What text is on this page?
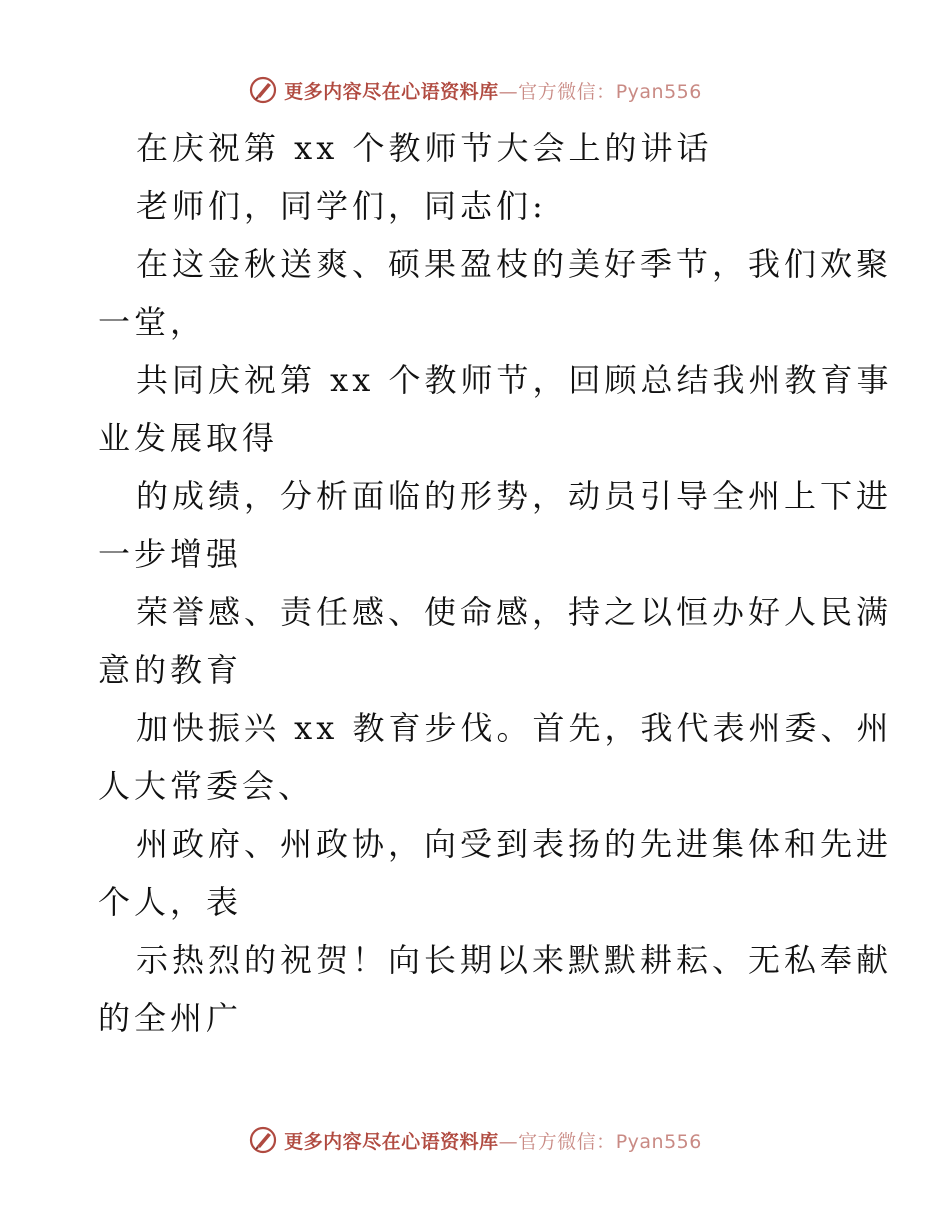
更多内容尽在心语资料库—官方微信：Pyan556
在庆祝第 xx 个教师节大会上的讲话
老师们，同学们，同志们:
在这金秋送爽、硕果盈枝的美好季节，我们欢聚
一堂，
共同庆祝第 xx 个教师节，回顾总结我州教育事
业发展取得
的成绩，分析面临的形势，动员引导全州上下进
一步增强
荣誉感、责任感、使命感，持之以恒办好人民满
意的教育
加快振兴 xx 教育步伐。首先，我代表州委、州
人大常委会、
州政府、州政协，向受到表扬的先进集体和先进
个人，表
示热烈的祝贺！向长期以来默默耕耘、无私奉献
的全州广
更多内容尽在心语资料库—官方微信：Pyan556
